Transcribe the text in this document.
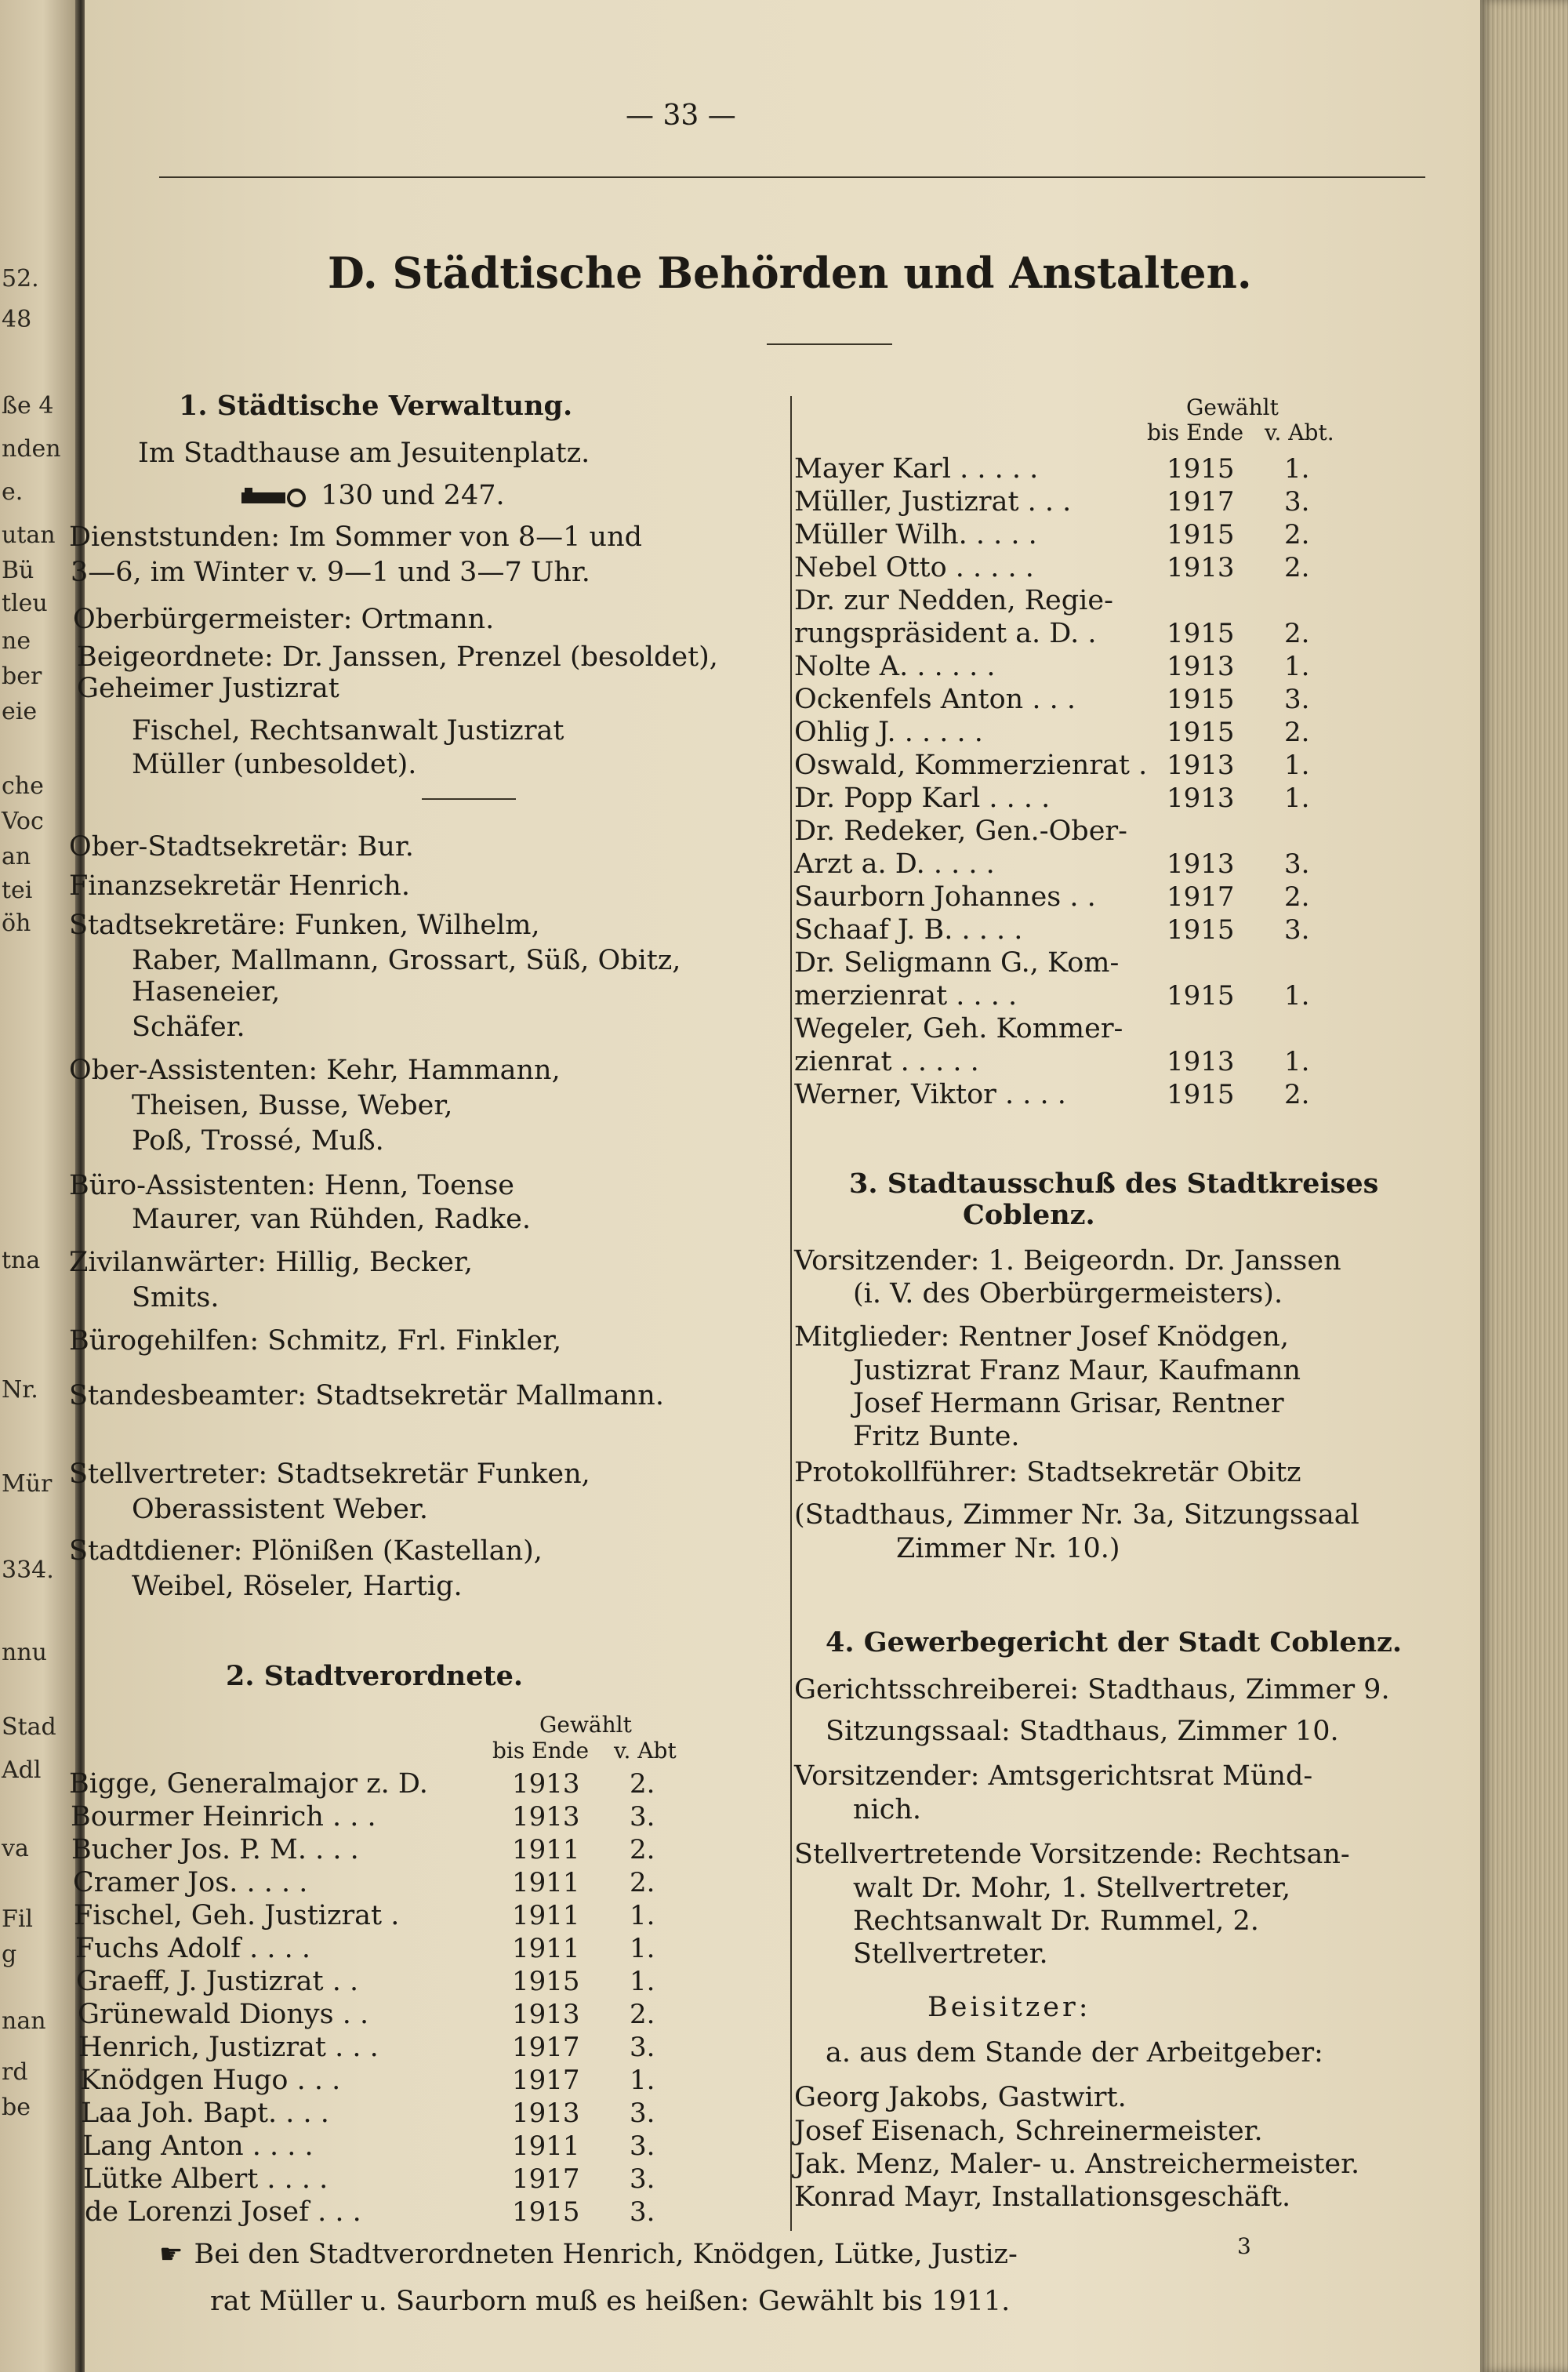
52.
48
ße 4
nden
e.
utan
Bü
tleu
ne
ber
eie
che
Voc
an
tei
öh
tna
Nr.
Mür
334.
nnu
Stad
Adl
va
Fil
g
nan
rd
be
— 33 —
D. Städtische Behörden und Anstalten.
1. Städtische Verwaltung.
Im Stadthause am Jesuitenplatz.
130 und 247.
Dienststunden: Im Sommer von 8—1 und
3—6, im Winter v. 9—1 und 3—7 Uhr.
Oberbürgermeister: Ortmann.
Beigeordnete: Dr. Janssen, Prenzel (besoldet), Geheimer Justizrat
Fischel, Rechtsanwalt Justizrat
Müller (unbesoldet).
Ober-Stadtsekretär: Bur.
Finanzsekretär Henrich.
Stadtsekretäre: Funken, Wilhelm,
Raber, Mallmann, Grossart, Süß, Obitz, Haseneier,
Schäfer.
Ober-Assistenten: Kehr, Hammann,
Theisen, Busse, Weber,
Poß, Trossé, Muß.
Büro-Assistenten: Henn, Toense
Maurer, van Rühden, Radke.
Zivilanwärter: Hillig, Becker,
Smits.
Bürogehilfen: Schmitz, Frl. Finkler,
Standesbeamter: Stadtsekretär Mallmann.
Stellvertreter: Stadtsekretär Funken,
Oberassistent Weber.
Stadtdiener: Plönißen (Kastellan),
Weibel, Röseler, Hartig.
2. Stadtverordnete.
Gewählt
bis Ende v. Abt
Bigge, Generalmajor z. D.	1913 2.
Bourmer Heinrich . . .	1913 3.
Bucher Jos. P. M. . . .	1911 2.
Cramer Jos. . . . .	1911 2.
Fischel, Geh. Justizrat .	1911 1.
Fuchs Adolf . . . .	1911 1.
Graeff, J. Justizrat . .	1915 1.
Grünewald Dionys . .	1913 2.
Henrich, Justizrat . . .	1917 3.
Knödgen Hugo . . .	1917 1.
Laa Joh. Bapt. . . .	1913 3.
Lang Anton . . . .	1911 3.
Lütke Albert . . . .	1917 3.
de Lorenzi Josef . . .	1915 3.
Gewählt
bis Ende v. Abt.
Mayer Karl . . . . .	1915 1.
Müller, Justizrat . . .	1917 3.
Müller Wilh. . . . .	1915 2.
Nebel Otto . . . . .	1913 2.
Dr. zur Nedden, Regie-
rungspräsident a. D. .	1915 2.
Nolte A. . . . . .	1913 1.
Ockenfels Anton . . .	1915 3.
Ohlig J. . . . . .	1915 2.
Oswald, Kommerzienrat . 1913 1.
Dr. Popp Karl . . . .	1913 1.
Dr. Redeker, Gen.-Ober-
Arzt a. D. . . . .	1913 3.
Saurborn Johannes . .	1917 2.
Schaaf J. B. . . . .	1915 3.
Dr. Seligmann G., Kom-
merzienrat . . . .	1915 1.
Wegeler, Geh. Kommer-
zienrat . . . . .	1913 1.
Werner, Viktor . . . .	1915 2.
3. Stadtausschuß des Stadtkreises
Coblenz.
Vorsitzender: 1. Beigeordn. Dr. Janssen
(i. V. des Oberbürgermeisters).
Mitglieder: Rentner Josef Knödgen,
Justizrat Franz Maur, Kaufmann
Josef Hermann Grisar, Rentner
Fritz Bunte.
Protokollführer: Stadtsekretär Obitz
(Stadthaus, Zimmer Nr. 3a, Sitzungssaal
Zimmer Nr. 10.)
4. Gewerbegericht der Stadt Coblenz.
Gerichtsschreiberei: Stadthaus, Zimmer 9.
Sitzungssaal: Stadthaus, Zimmer 10.
Vorsitzender: Amtsgerichtsrat Münd-
nich.
Stellvertretende Vorsitzende: Rechtsan-
walt Dr. Mohr, 1. Stellvertreter,
Rechtsanwalt Dr. Rummel, 2.
Stellvertreter.
Beisitzer:
a. aus dem Stande der Arbeitgeber:
Georg Jakobs, Gastwirt.
Josef Eisenach, Schreinermeister.
Jak. Menz, Maler- u. Anstreichermeister.
Konrad Mayr, Installationsgeschäft.
☛ Bei den Stadtverordneten Henrich, Knödgen, Lütke, Justiz-
rat Müller u. Saurborn muß es heißen: Gewählt bis 1911.
3
